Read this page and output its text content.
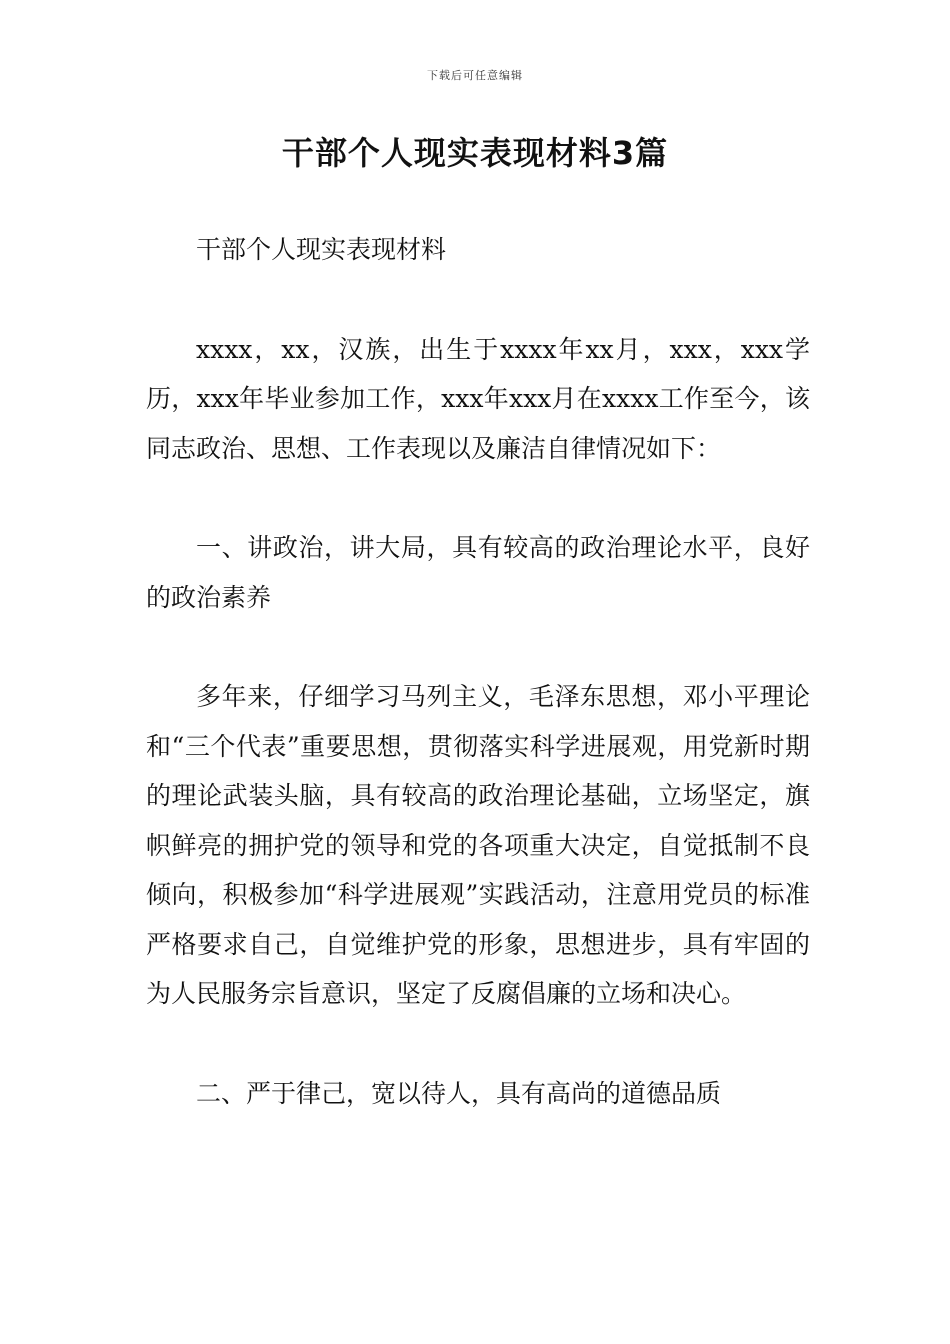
下载后可任意编辑
干部个人现实表现材料3篇

干部个人现实表现材料

xxxx，xx，汉族，出生于xxxx年xx月，xxx，xxx学历，xxx年毕业参加工作，xxx年xxx月在xxxx工作至今，该同志政治、思想、工作表现以及廉洁自律情况如下：

一、讲政治，讲大局，具有较高的政治理论水平，良好的政治素养

多年来，仔细学习马列主义，毛泽东思想，邓小平理论和“三个代表”重要思想，贯彻落实科学进展观，用党新时期的理论武装头脑，具有较高的政治理论基础，立场坚定，旗帜鲜亮的拥护党的领导和党的各项重大决定，自觉抵制不良倾向，积极参加“科学进展观”实践活动，注意用党员的标准严格要求自己，自觉维护党的形象，思想进步，具有牢固的为人民服务宗旨意识，坚定了反腐倡廉的立场和决心。

二、严于律己，宽以待人，具有高尚的道德品质
